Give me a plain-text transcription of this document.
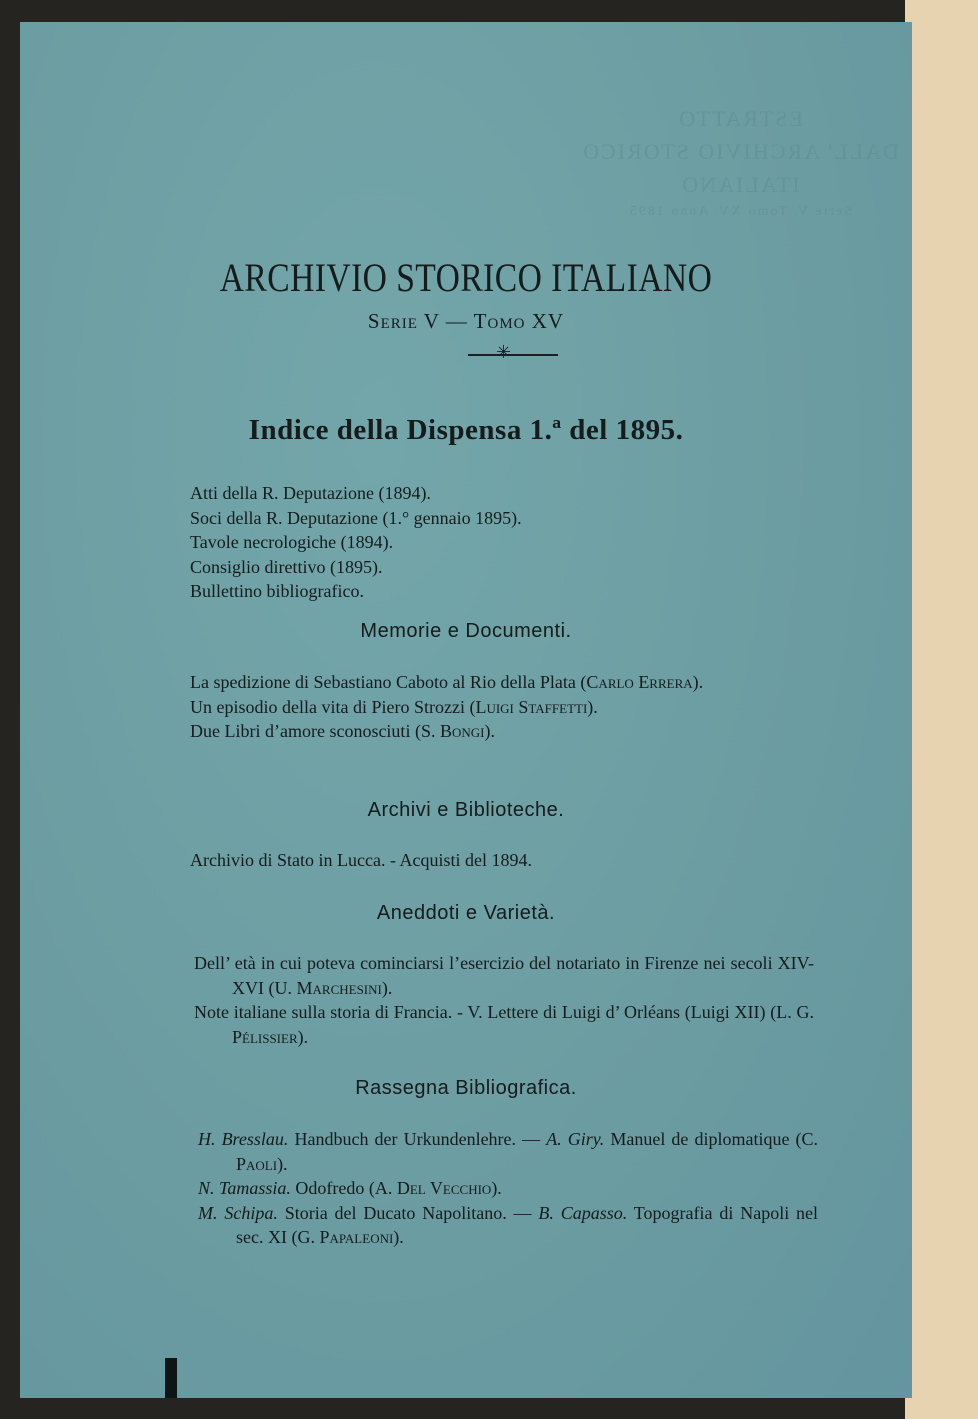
ESTRATTO
DALL' ARCHIVIO STORICO
ITALIANO
Serie V. Tomo XV. Anno 1895
ARCHIVIO STORICO ITALIANO
Serie V — Tomo XV
✳
Indice della Dispensa 1.ª del 1895.
Atti della R. Deputazione (1894).
Soci della R. Deputazione (1.° gennaio 1895).
Tavole necrologiche (1894).
Consiglio direttivo (1895).
Bullettino bibliografico.
Memorie e Documenti.
La spedizione di Sebastiano Caboto al Rio della Plata (Carlo Errera).
Un episodio della vita di Piero Strozzi (Luigi Staffetti).
Due Libri d’amore sconosciuti (S. Bongi).
Archivi e Biblioteche.
Archivio di Stato in Lucca. - Acquisti del 1894.
Aneddoti e Varietà.
Dell’ età in cui poteva cominciarsi l’esercizio del notariato in Firenze nei secoli XIV-XVI (U. Marchesini).
Note italiane sulla storia di Francia. - V. Lettere di Luigi d’ Orléans (Luigi XII) (L. G. Pélissier).
Rassegna Bibliografica.
H. Bresslau. Handbuch der Urkundenlehre. — A. Giry. Manuel de diplomatique (C. Paoli).
N. Tamassia. Odofredo (A. Del Vecchio).
M. Schipa. Storia del Ducato Napolitano. — B. Capasso. Topografia di Napoli nel sec. XI (G. Papaleoni).
